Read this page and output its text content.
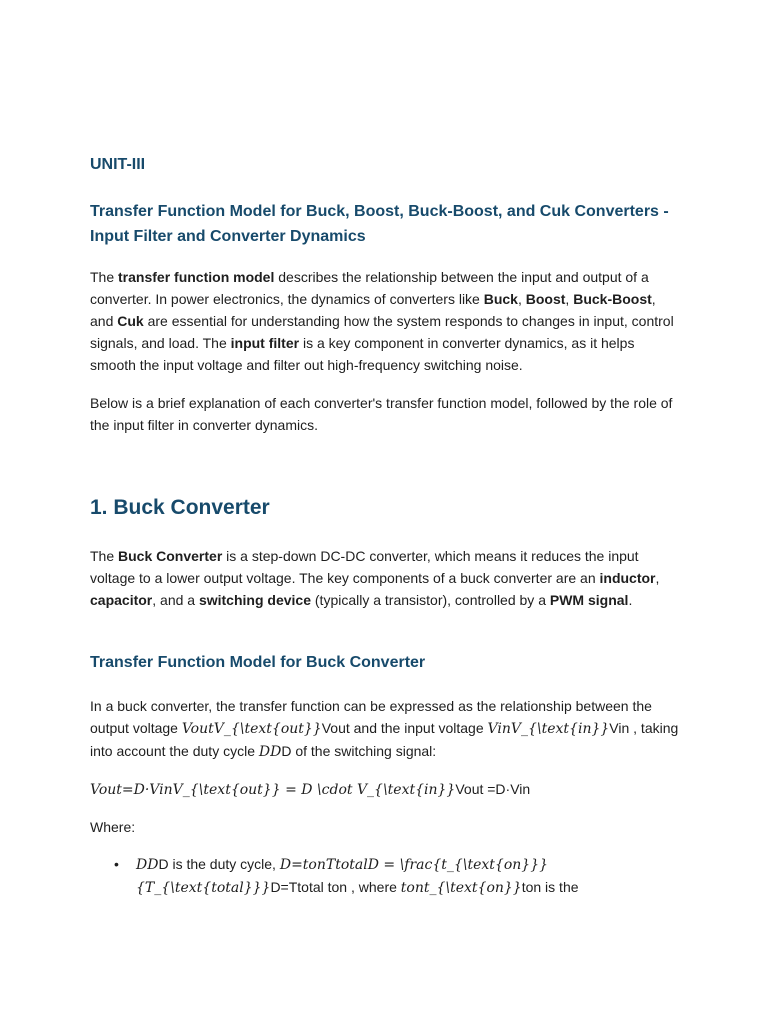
UNIT-III
Transfer Function Model for Buck, Boost, Buck-Boost, and Cuk Converters - Input Filter and Converter Dynamics

The transfer function model describes the relationship between the input and output of a converter. In power electronics, the dynamics of converters like Buck, Boost, Buck-Boost, and Cuk are essential for understanding how the system responds to changes in input, control signals, and load. The input filter is a key component in converter dynamics, as it helps smooth the input voltage and filter out high-frequency switching noise.

Below is a brief explanation of each converter's transfer function model, followed by the role of the input filter in converter dynamics.

1. Buck Converter

The Buck Converter is a step-down DC-DC converter, which means it reduces the input voltage to a lower output voltage. The key components of a buck converter are an inductor, capacitor, and a switching device (typically a transistor), controlled by a PWM signal.

Transfer Function Model for Buck Converter

In a buck converter, the transfer function can be expressed as the relationship between the output voltage VoutV_{\text{out}}Vout and the input voltage VinV_{\text{in}}Vin , taking into account the duty cycle DDD of the switching signal:

Vout=D·VinV_{\text{out}} = D \cdot V_{\text{in}}Vout =D·Vin

Where:

• DDD is the duty cycle, D=tonTtotalD = \frac{t_{\text{on}}}{T_{\text{total}}}D=Ttotal ton , where tont_{\text{on}}ton is the
